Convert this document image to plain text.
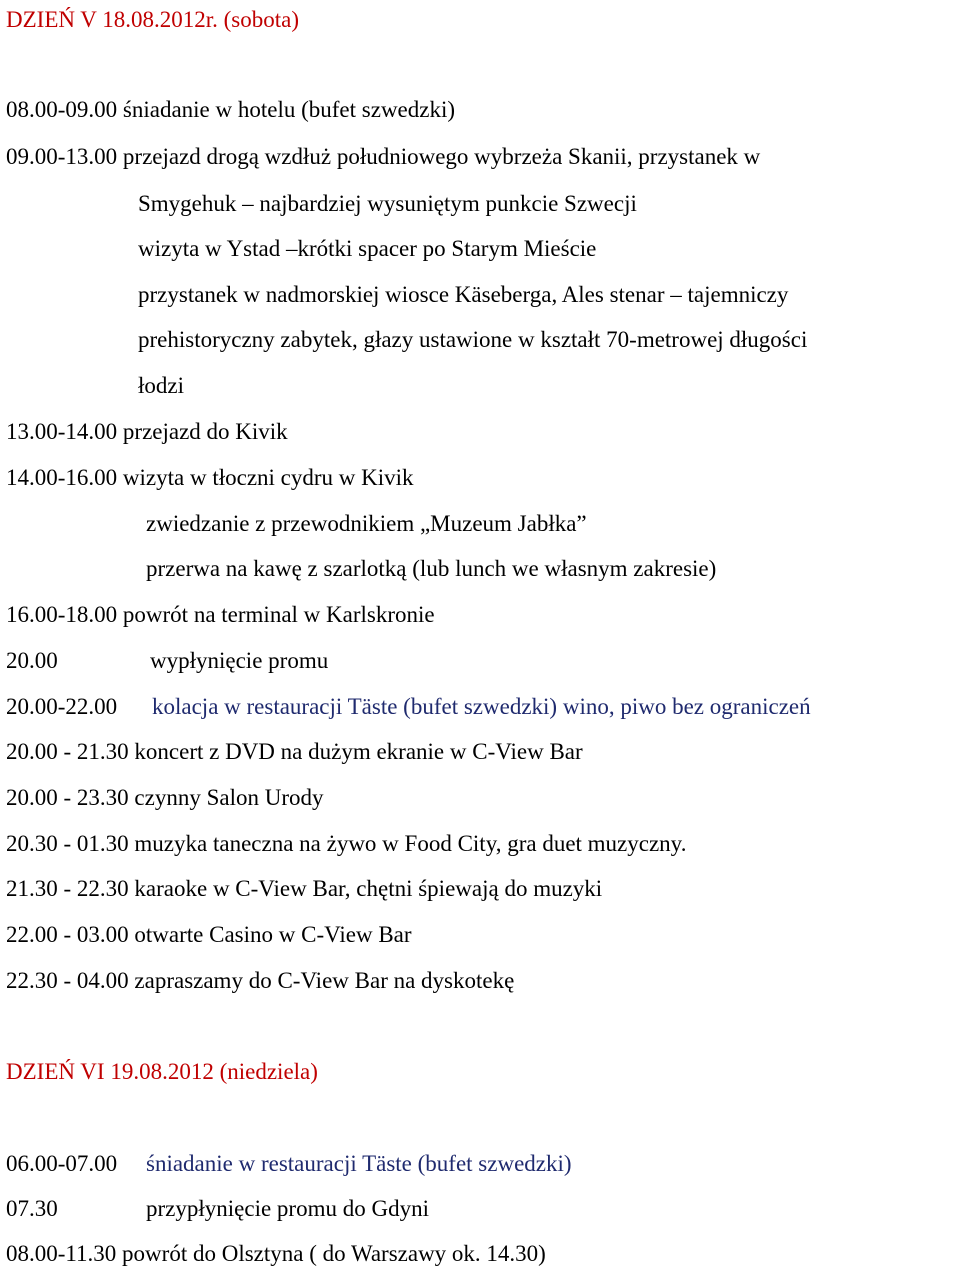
DZIEŃ V 18.08.2012r. (sobota)
08.00-09.00 śniadanie w hotelu (bufet szwedzki)
09.00-13.00 przejazd drogą wzdłuż południowego wybrzeża Skanii, przystanek w
Smygehuk – najbardziej wysuniętym punkcie Szwecji
wizyta w Ystad –krótki spacer po Starym Mieście
przystanek w nadmorskiej wiosce Käseberga, Ales stenar – tajemniczy
prehistoryczny zabytek, głazy ustawione w kształt 70-metrowej długości
łodzi
13.00-14.00 przejazd do Kivik
14.00-16.00 wizyta w tłoczni cydru w Kivik
zwiedzanie z przewodnikiem „Muzeum Jabłka”
przerwa na kawę z szarlotką (lub lunch we własnym zakresie)
16.00-18.00 powrót na terminal w Karlskronie
20.00	wypłynięcie promu
20.00-22.00 kolacja w restauracji Täste (bufet szwedzki) wino, piwo bez ograniczeń
20.00 - 21.30 koncert z DVD na dużym ekranie w C-View Bar
20.00 - 23.30 czynny Salon Urody
20.30 - 01.30 muzyka taneczna na żywo w Food City, gra duet muzyczny.
21.30 - 22.30 karaoke w C-View Bar, chętni śpiewają do muzyki
22.00 - 03.00 otwarte Casino w C-View Bar
22.30 - 04.00 zapraszamy do C-View Bar na dyskotekę
DZIEŃ VI 19.08.2012 (niedziela)
06.00-07.00 śniadanie w restauracji Täste (bufet szwedzki)
07.30	przypłynięcie promu do Gdyni
08.00-11.30 powrót do Olsztyna ( do Warszawy ok. 14.30)
